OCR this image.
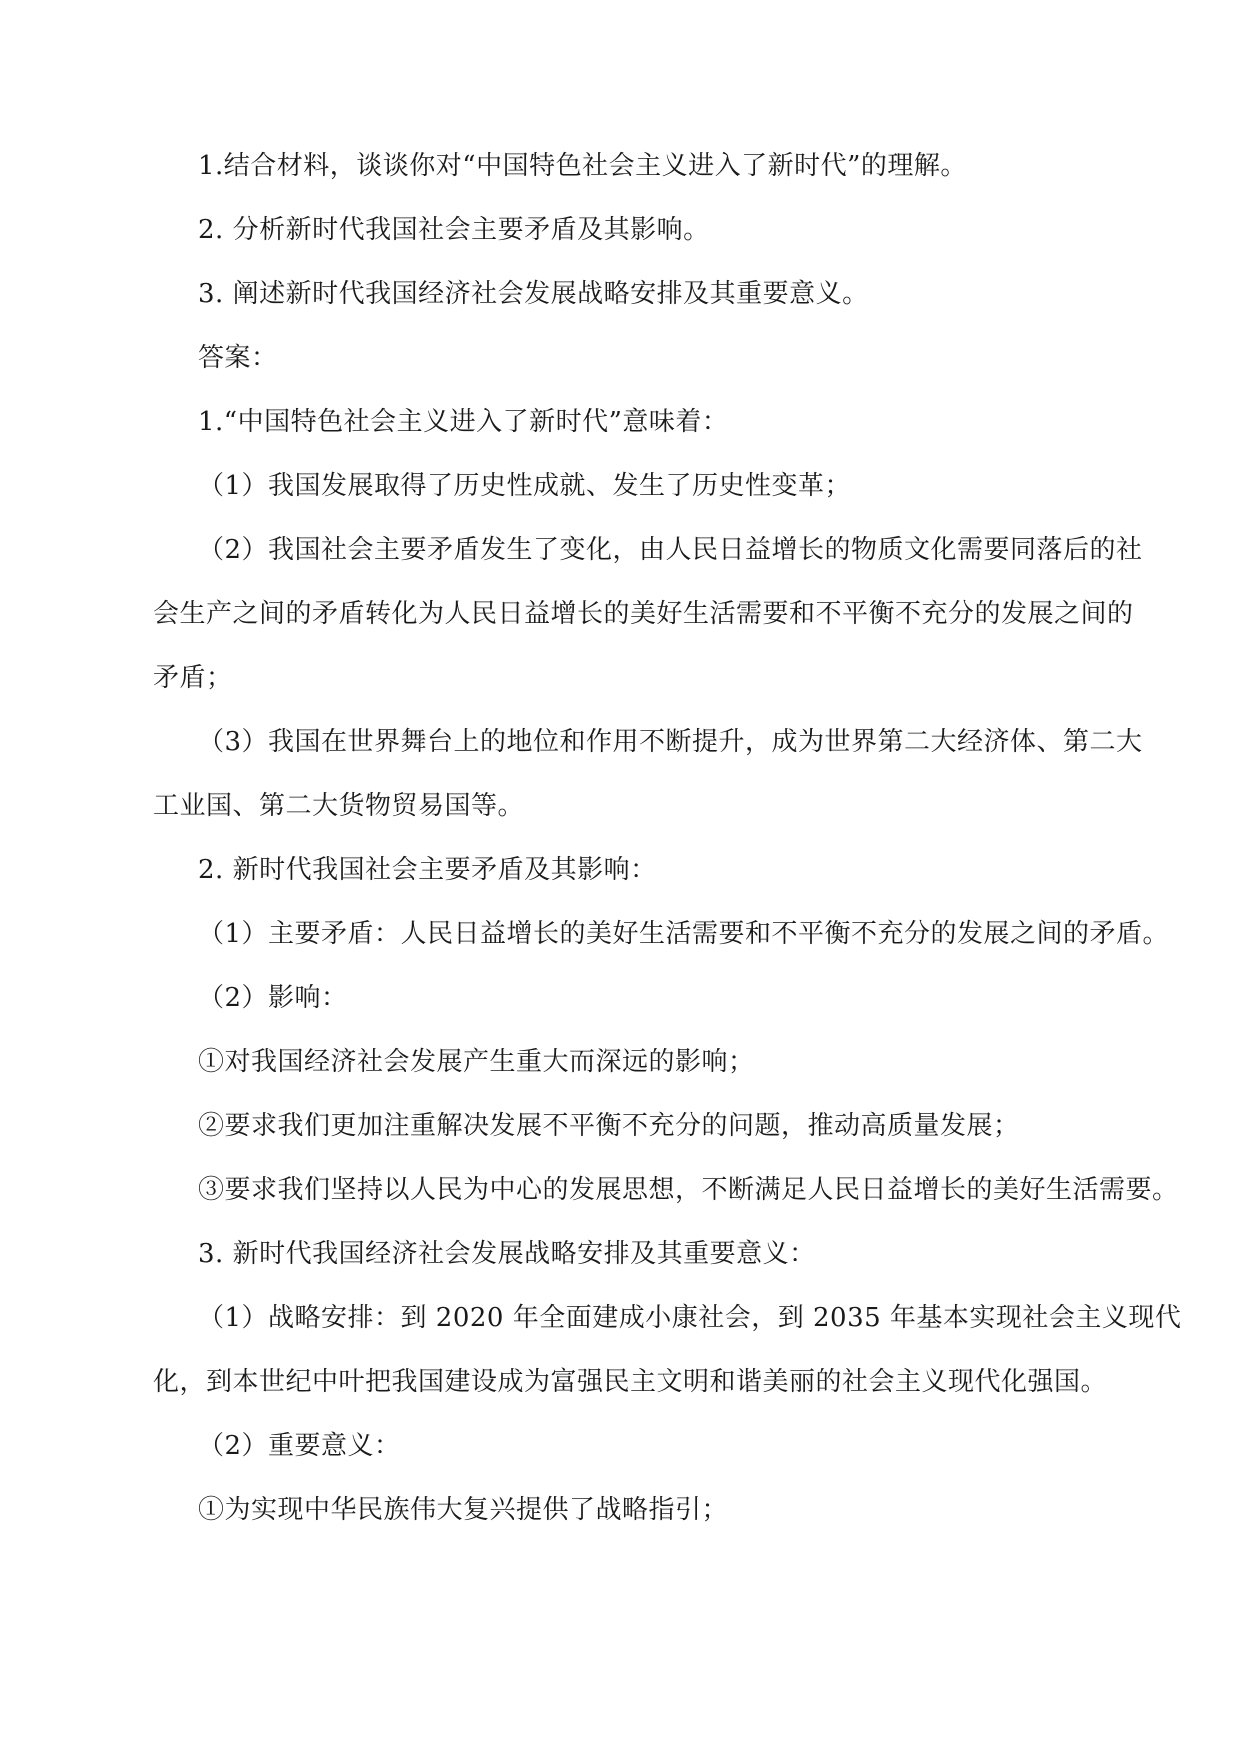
1.结合材料，谈谈你对“中国特色社会主义进入了新时代”的理解。
2. 分析新时代我国社会主要矛盾及其影响。
3. 阐述新时代我国经济社会发展战略安排及其重要意义。
答案：
1.“中国特色社会主义进入了新时代”意味着：
（1）我国发展取得了历史性成就、发生了历史性变革；
（2）我国社会主要矛盾发生了变化，由人民日益增长的物质文化需要同落后的社
会生产之间的矛盾转化为人民日益增长的美好生活需要和不平衡不充分的发展之间的
矛盾；
（3）我国在世界舞台上的地位和作用不断提升，成为世界第二大经济体、第二大
工业国、第二大货物贸易国等。
2. 新时代我国社会主要矛盾及其影响：
（1）主要矛盾：人民日益增长的美好生活需要和不平衡不充分的发展之间的矛盾。
（2）影响：
①对我国经济社会发展产生重大而深远的影响；
②要求我们更加注重解决发展不平衡不充分的问题，推动高质量发展；
③要求我们坚持以人民为中心的发展思想，不断满足人民日益增长的美好生活需要。
3. 新时代我国经济社会发展战略安排及其重要意义：
（1）战略安排：到 2020 年全面建成小康社会，到 2035 年基本实现社会主义现代
化，到本世纪中叶把我国建设成为富强民主文明和谐美丽的社会主义现代化强国。
（2）重要意义：
①为实现中华民族伟大复兴提供了战略指引；
